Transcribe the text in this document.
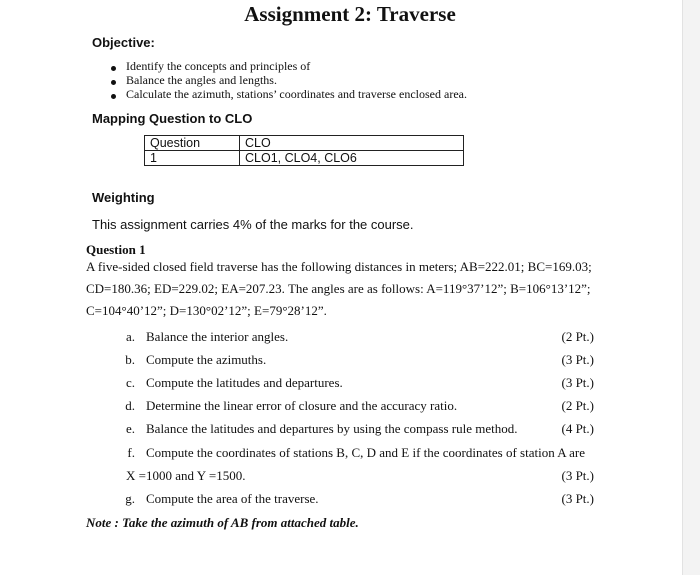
Assignment 2: Traverse
Objective:
Identify the concepts and principles of
Balance the angles and lengths.
Calculate the azimuth, stations’ coordinates and traverse enclosed area.
Mapping Question to CLO
Question	CLO
1	CLO1, CLO4, CLO6
Weighting
This assignment carries 4% of the marks for the course.
Question 1
A five-sided closed field traverse has the following distances in meters; AB=222.01; BC=169.03;
CD=180.36; ED=229.02; EA=207.23. The angles are as follows: A=119°37’12”; B=106°13’12”;
C=104°40’12”; D=130°02’12”; E=79°28’12”.
a. Balance the interior angles.	(2 Pt.)
b. Compute the azimuths.	(3 Pt.)
c. Compute the latitudes and departures.	(3 Pt.)
d. Determine the linear error of closure and the accuracy ratio.	(2 Pt.)
e. Balance the latitudes and departures by using the compass rule method.	(4 Pt.)
f. Compute the coordinates of stations B, C, D and E if the coordinates of station A are
X =1000 and Y =1500.	(3 Pt.)
g. Compute the area of the traverse.	(3 Pt.)
Note : Take the azimuth of AB from attached table.
